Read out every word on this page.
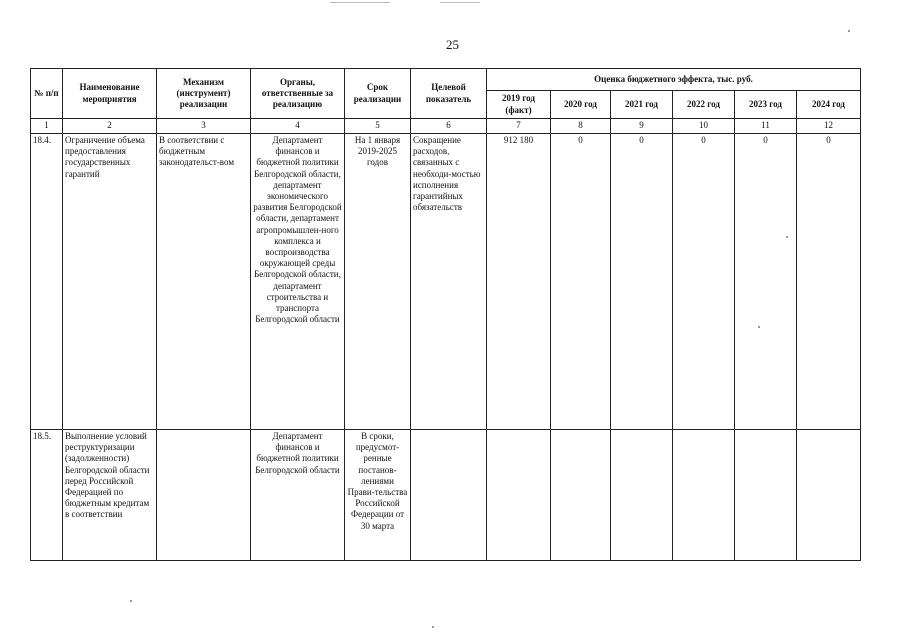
25
№ п/п	Наименование мероприятия	Механизм (инструмент) реализации	Органы, ответственные за реализацию	Срок реализации	Целевой показатель	Оценка бюджетного эффекта, тыс. руб.					
						2019 год (факт)	2020 год	2021 год	2022 год	2023 год	2024 год
1	2	3	4	5	6	7	8	9	10	11	12
18.4.	Ограничение объема предоставления государственных гарантий	В соответствии с бюджетным законодательст-вом	Департамент финансов и бюджетной политики Белгородской области, департамент экономического развития Белгородской области, департамент агропромышлен-ного комплекса и воспроизводства окружающей среды Белгородской области, департамент строительства и транспорта Белгородской области	На 1 января 2019-2025 годов	Сокращение расходов, связанных с необходи-мостью исполнения гарантийных обязательств	912 180	0	0	0	0	0
18.5.	Выполнение условий реструктуризации (задолженности) Белгородской области перед Российской Федерацией по бюджетным кредитам в соответствии		Департамент финансов и бюджетной политики Белгородской области	В сроки, предусмот-ренные постанов-лениями Прави-тельства Российской Федерации от 30 марта							
